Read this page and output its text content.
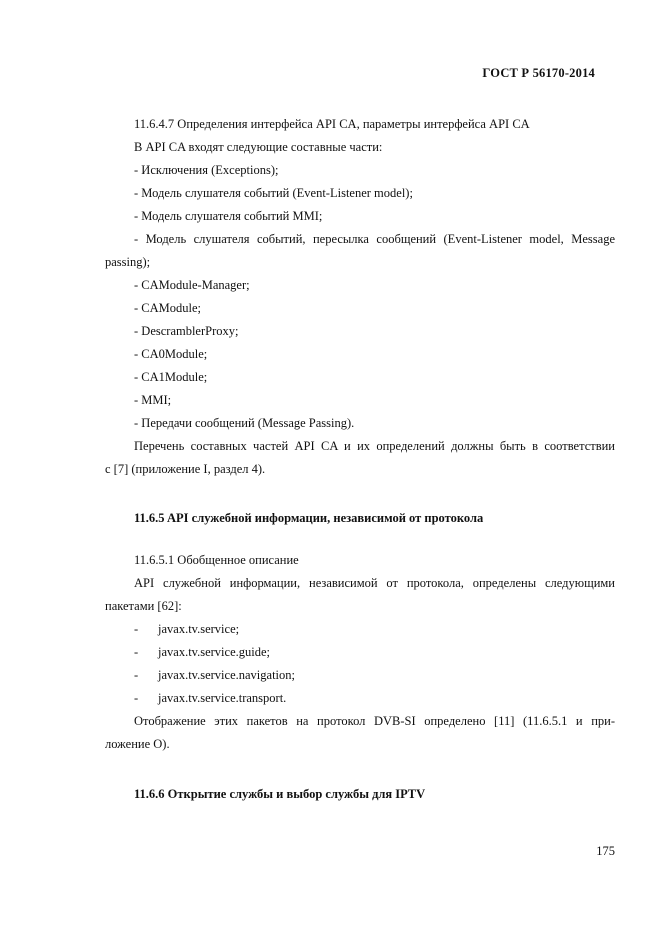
ГОСТ Р 56170-2014
11.6.4.7 Определения интерфейса API CA, параметры интерфейса API CA
В API CA входят следующие составные части:
- Исключения (Exceptions);
- Модель слушателя событий (Event-Listener model);
- Модель слушателя событий MMI;
- Модель слушателя событий, пересылка сообщений (Event-Listener model, Message
passing);
- CAModule-Manager;
- CAModule;
- DescramblerProxy;
- CA0Module;
- CA1Module;
- MMI;
- Передачи сообщений (Message Passing).
Перечень составных частей API CA и их определений должны быть в соответствии
с [7] (приложение I, раздел 4).
11.6.5 API служебной информации, независимой от протокола
11.6.5.1 Обобщенное описание
API служебной информации, независимой от протокола, определены следующими
пакетами [62]:
- javax.tv.service;
- javax.tv.service.guide;
- javax.tv.service.navigation;
- javax.tv.service.transport.
Отображение этих пакетов на протокол DVB-SI определено [11] (11.6.5.1 и при-
ложение О).
11.6.6 Открытие службы и выбор службы для IPTV
175
